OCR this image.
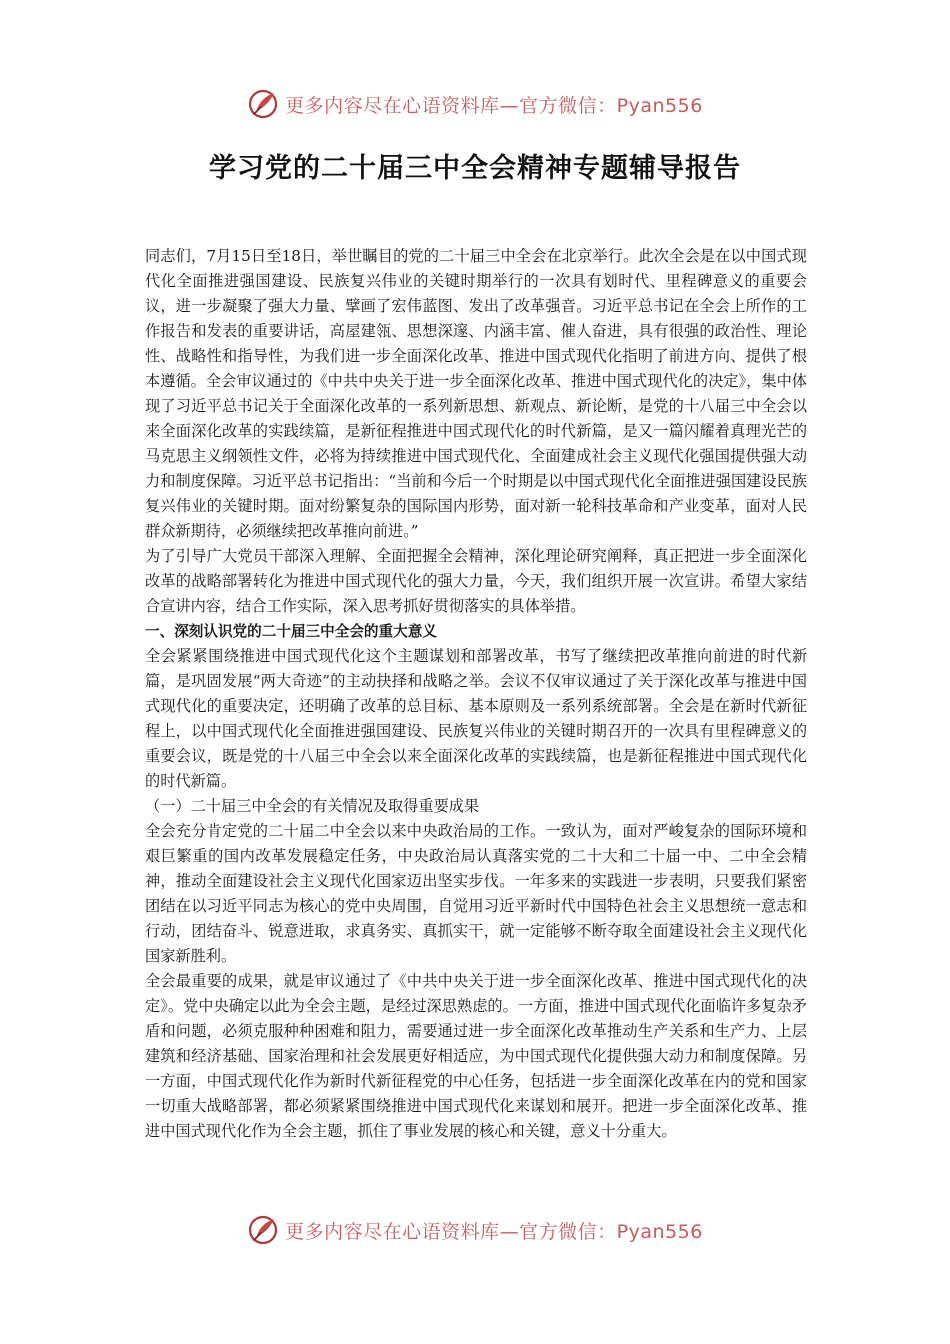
更多内容尽在心语资料库—官方微信：Pyan556
学习党的二十届三中全会精神专题辅导报告

同志们，7月15日至18日，举世瞩目的党的二十届三中全会在北京举行。此次全会是在以中国式现代化全面推进强国建设、民族复兴伟业的关键时期举行的一次具有划时代、里程碑意义的重要会议，进一步凝聚了强大力量、擘画了宏伟蓝图、发出了改革强音。习近平总书记在全会上所作的工作报告和发表的重要讲话，高屋建瓴、思想深邃、内涵丰富、催人奋进，具有很强的政治性、理论性、战略性和指导性，为我们进一步全面深化改革、推进中国式现代化指明了前进方向、提供了根本遵循。全会审议通过的《中共中央关于进一步全面深化改革、推进中国式现代化的决定》，集中体现了习近平总书记关于全面深化改革的一系列新思想、新观点、新论断，是党的十八届三中全会以来全面深化改革的实践续篇，是新征程推进中国式现代化的时代新篇，是又一篇闪耀着真理光芒的马克思主义纲领性文件，必将为持续推进中国式现代化、全面建成社会主义现代化强国提供强大动力和制度保障。习近平总书记指出：“当前和今后一个时期是以中国式现代化全面推进强国建设民族复兴伟业的关键时期。面对纷繁复杂的国际国内形势，面对新一轮科技革命和产业变革，面对人民群众新期待，必须继续把改革推向前进。”

为了引导广大党员干部深入理解、全面把握全会精神，深化理论研究阐释，真正把进一步全面深化改革的战略部署转化为推进中国式现代化的强大力量，今天，我们组织开展一次宣讲。希望大家结合宣讲内容，结合工作实际，深入思考抓好贯彻落实的具体举措。

一、深刻认识党的二十届三中全会的重大意义

全会紧紧围绕推进中国式现代化这个主题谋划和部署改革，书写了继续把改革推向前进的时代新篇，是巩固发展“两大奇迹”的主动抉择和战略之举。会议不仅审议通过了关于深化改革与推进中国式现代化的重要决定，还明确了改革的总目标、基本原则及一系列系统部署。全会是在新时代新征程上，以中国式现代化全面推进强国建设、民族复兴伟业的关键时期召开的一次具有里程碑意义的重要会议，既是党的十八届三中全会以来全面深化改革的实践续篇，也是新征程推进中国式现代化的时代新篇。

（一）二十届三中全会的有关情况及取得重要成果

全会充分肯定党的二十届二中全会以来中央政治局的工作。一致认为，面对严峻复杂的国际环境和艰巨繁重的国内改革发展稳定任务，中央政治局认真落实党的二十大和二十届一中、二中全会精神，推动全面建设社会主义现代化国家迈出坚实步伐。一年多来的实践进一步表明，只要我们紧密团结在以习近平同志为核心的党中央周围，自觉用习近平新时代中国特色社会主义思想统一意志和行动，团结奋斗、锐意进取，求真务实、真抓实干，就一定能够不断夺取全面建设社会主义现代化国家新胜利。

全会最重要的成果，就是审议通过了《中共中央关于进一步全面深化改革、推进中国式现代化的决定》。党中央确定以此为全会主题，是经过深思熟虑的。一方面，推进中国式现代化面临许多复杂矛盾和问题，必须克服种种困难和阻力，需要通过进一步全面深化改革推动生产关系和生产力、上层建筑和经济基础、国家治理和社会发展更好相适应，为中国式现代化提供强大动力和制度保障。另一方面，中国式现代化作为新时代新征程党的中心任务，包括进一步全面深化改革在内的党和国家一切重大战略部署，都必须紧紧围绕推进中国式现代化来谋划和展开。把进一步全面深化改革、推进中国式现代化作为全会主题，抓住了事业发展的核心和关键，意义十分重大。

更多内容尽在心语资料库—官方微信：Pyan556
